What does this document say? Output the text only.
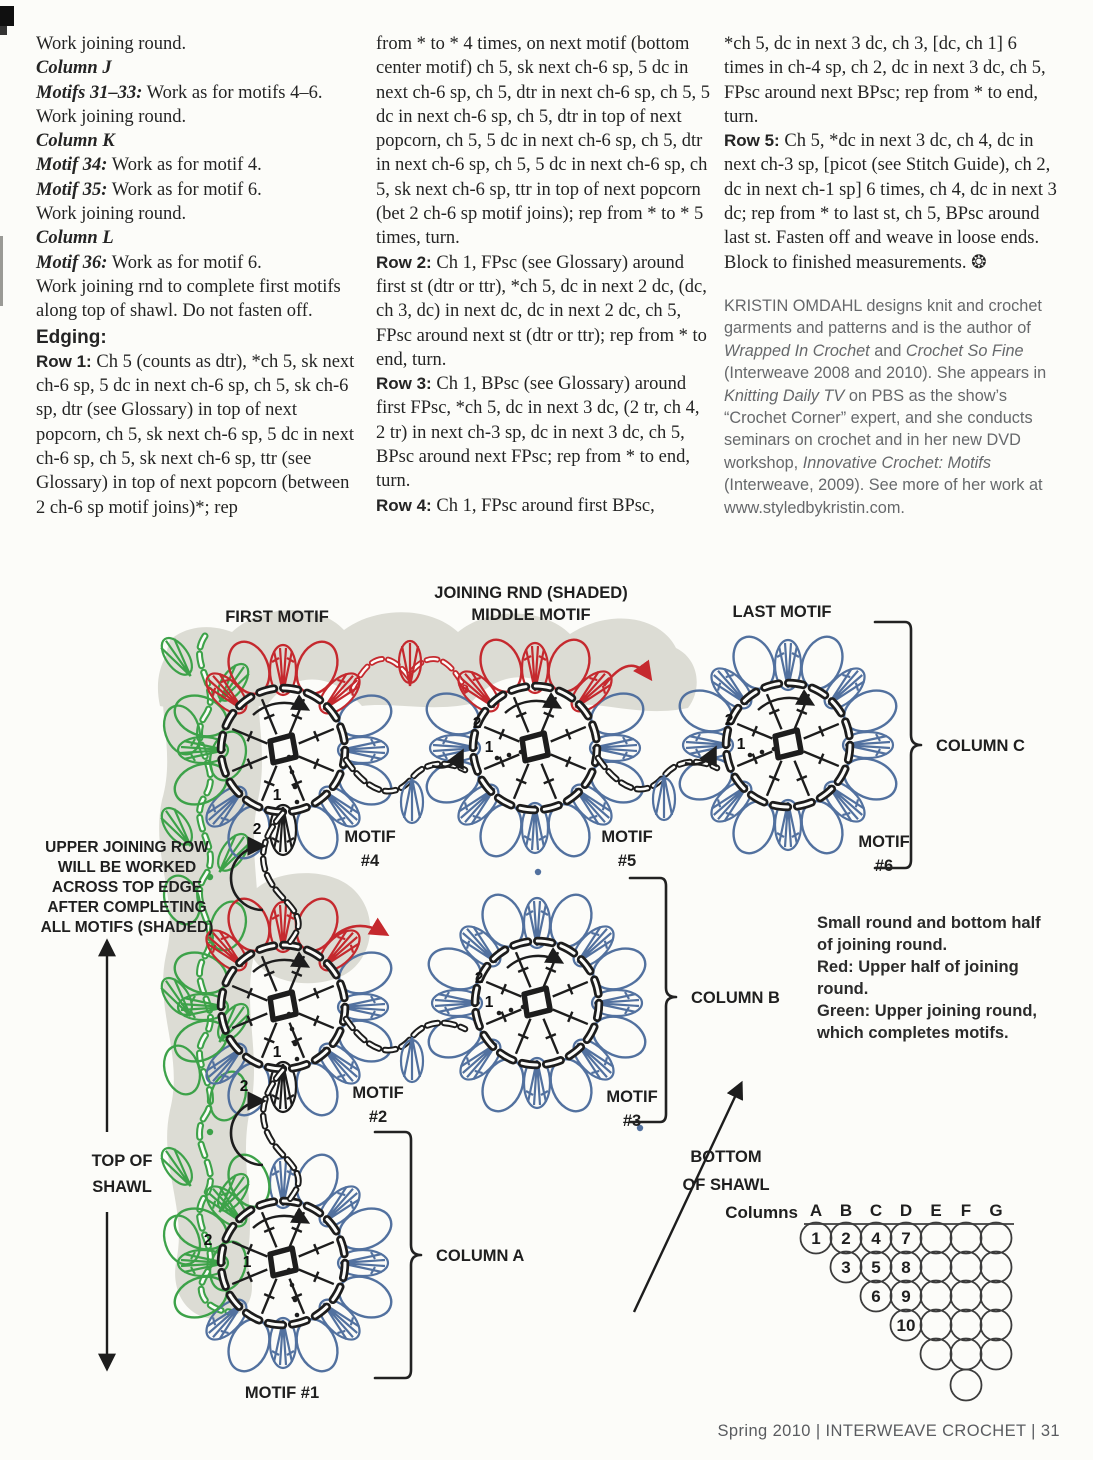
Work joining round.

Column J

Motifs 31–33: Work as for motifs 4–6.

Work joining round.

Column K

Motif 34: Work as for motif 4.

Motif 35: Work as for motif 6.

Work joining round.

Column L

Motif 36: Work as for motif 6.

Work joining rnd to complete first motifs along top of shawl. Do not fasten off.

Edging:

Row 1: Ch 5 (counts as dtr), *ch 5, sk next ch-6 sp, 5 dc in next ch-6 sp, ch 5, sk ch-6 sp, dtr (see Glossary) in top of next popcorn, ch 5, sk next ch-6 sp, 5 dc in next ch-6 sp, ch 5, sk next ch-6 sp, ttr (see Glossary) in top of next popcorn (between 2 ch-6 sp motif joins)*; rep

from * to * 4 times, on next motif (bottom center motif) ch 5, sk next ch-6 sp, 5 dc in next ch-6 sp, ch 5, dtr in next ch-6 sp, ch 5, 5 dc in next ch-6 sp, ch 5, dtr in top of next popcorn, ch 5, 5 dc in next ch-6 sp, ch 5, dtr in next ch-6 sp, ch 5, 5 dc in next ch-6 sp, ch 5, sk next ch-6 sp, ttr in top of next popcorn (bet 2 ch-6 sp motif joins); rep from * to * 5 times, turn.

Row 2: Ch 1, FPsc (see Glossary) around first st (dtr or ttr), *ch 5, dc in next 2 dc, (dc, ch 3, dc) in next dc, dc in next 2 dc, ch 5, FPsc around next st (dtr or ttr); rep from * to end, turn.

Row 3: Ch 1, BPsc (see Glossary) around first FPsc, *ch 5, dc in next 3 dc, (2 tr, ch 4, 2 tr) in next ch-3 sp, dc in next 3 dc, ch 5, BPsc around next FPsc; rep from * to end, turn.

Row 4: Ch 1, FPsc around first BPsc,

*ch 5, dc in next 3 dc, ch 3, [dc, ch 1] 6 times in ch-4 sp, ch 2, dc in next 3 dc, ch 5, FPsc around next BPsc; rep from * to end, turn.

Row 5: Ch 5, *dc in next 3 dc, ch 4, dc in next ch-3 sp, [picot (see Stitch Guide), ch 2, dc in next ch-1 sp] 6 times, ch 4, dc in next 3 dc; rep from * to last st, ch 5, BPsc around last st. Fasten off and weave in loose ends. Block to finished measurements. ❂

KRISTIN OMDAHL designs knit and crochet garments and patterns and is the author of Wrapped In Crochet and Crochet So Fine (Interweave 2008 and 2010). She appears in Knitting Daily TV on PBS as the show’s “Crochet Corner” expert, and she conducts seminars on crochet and in her new DVD workshop, Innovative Crochet: Motifs (Interweave, 2009). See more of her work at www.styledbykristin.com.
1
2
1
2
1
2
1
2
1
2
1
2
JOINING RND (SHADED)
FIRST MOTIF	MIDDLE MOTIF	LAST MOTIF
MOTIF
#4
MOTIF
#5
MOTIF
#6
MOTIF
#2
MOTIF
#3
MOTIF #1
COLUMN C
COLUMN B
COLUMN A
UPPER JOINING ROW
WILL BE WORKED
ACROSS TOP EDGE
AFTER COMPLETING
ALL MOTIFS (SHADED)
TOP OF
SHAWL
BOTTOM
OF SHAWL
Small round and bottom half
of joining round.
Red: Upper half of joining
round.
Green: Upper joining round,
which completes motifs.
Columns A B C D E F G
1 2 4 7
3 5 8
6 9
10
Spring 2010 | INTERWEAVE CROCHET | 31
